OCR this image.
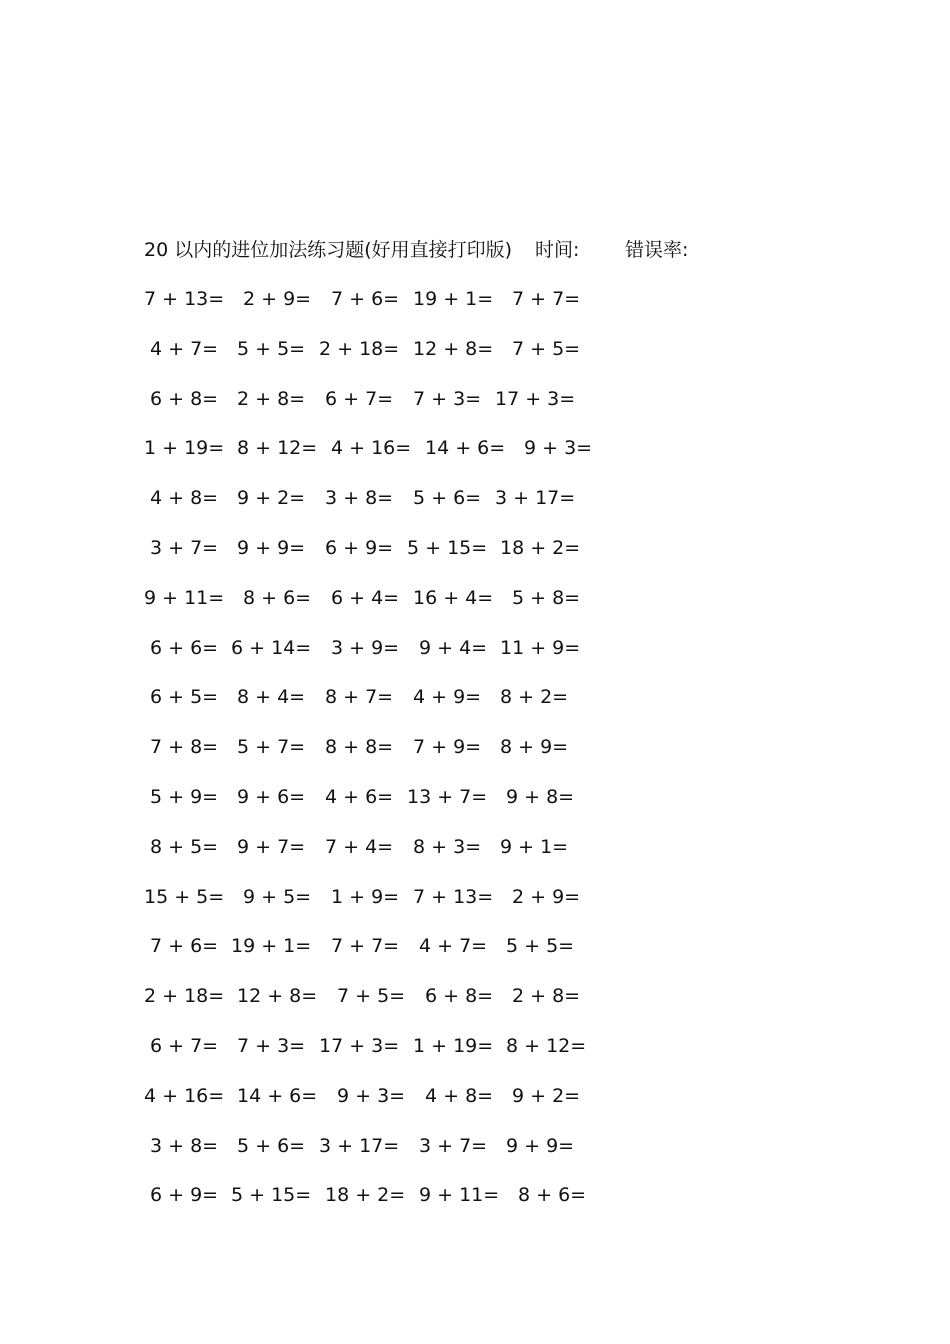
20 以内的进位加法练习题(好用直接打印版) 时间: 错误率:
7 + 13= 2 + 9= 7 + 6= 19 + 1= 7 + 7=
4 + 7= 5 + 5= 2 + 18= 12 + 8= 7 + 5=
6 + 8= 2 + 8= 6 + 7= 7 + 3= 17 + 3=
1 + 19= 8 + 12= 4 + 16= 14 + 6= 9 + 3=
4 + 8= 9 + 2= 3 + 8= 5 + 6= 3 + 17=
3 + 7= 9 + 9= 6 + 9= 5 + 15= 18 + 2=
9 + 11= 8 + 6= 6 + 4= 16 + 4= 5 + 8=
6 + 6= 6 + 14= 3 + 9= 9 + 4= 11 + 9=
6 + 5= 8 + 4= 8 + 7= 4 + 9= 8 + 2=
7 + 8= 5 + 7= 8 + 8= 7 + 9= 8 + 9=
5 + 9= 9 + 6= 4 + 6= 13 + 7= 9 + 8=
8 + 5= 9 + 7= 7 + 4= 8 + 3= 9 + 1=
15 + 5= 9 + 5= 1 + 9= 7 + 13= 2 + 9=
7 + 6= 19 + 1= 7 + 7= 4 + 7= 5 + 5=
2 + 18= 12 + 8= 7 + 5= 6 + 8= 2 + 8=
6 + 7= 7 + 3= 17 + 3= 1 + 19= 8 + 12=
4 + 16= 14 + 6= 9 + 3= 4 + 8= 9 + 2=
3 + 8= 5 + 6= 3 + 17= 3 + 7= 9 + 9=
6 + 9= 5 + 15= 18 + 2= 9 + 11= 8 + 6=
